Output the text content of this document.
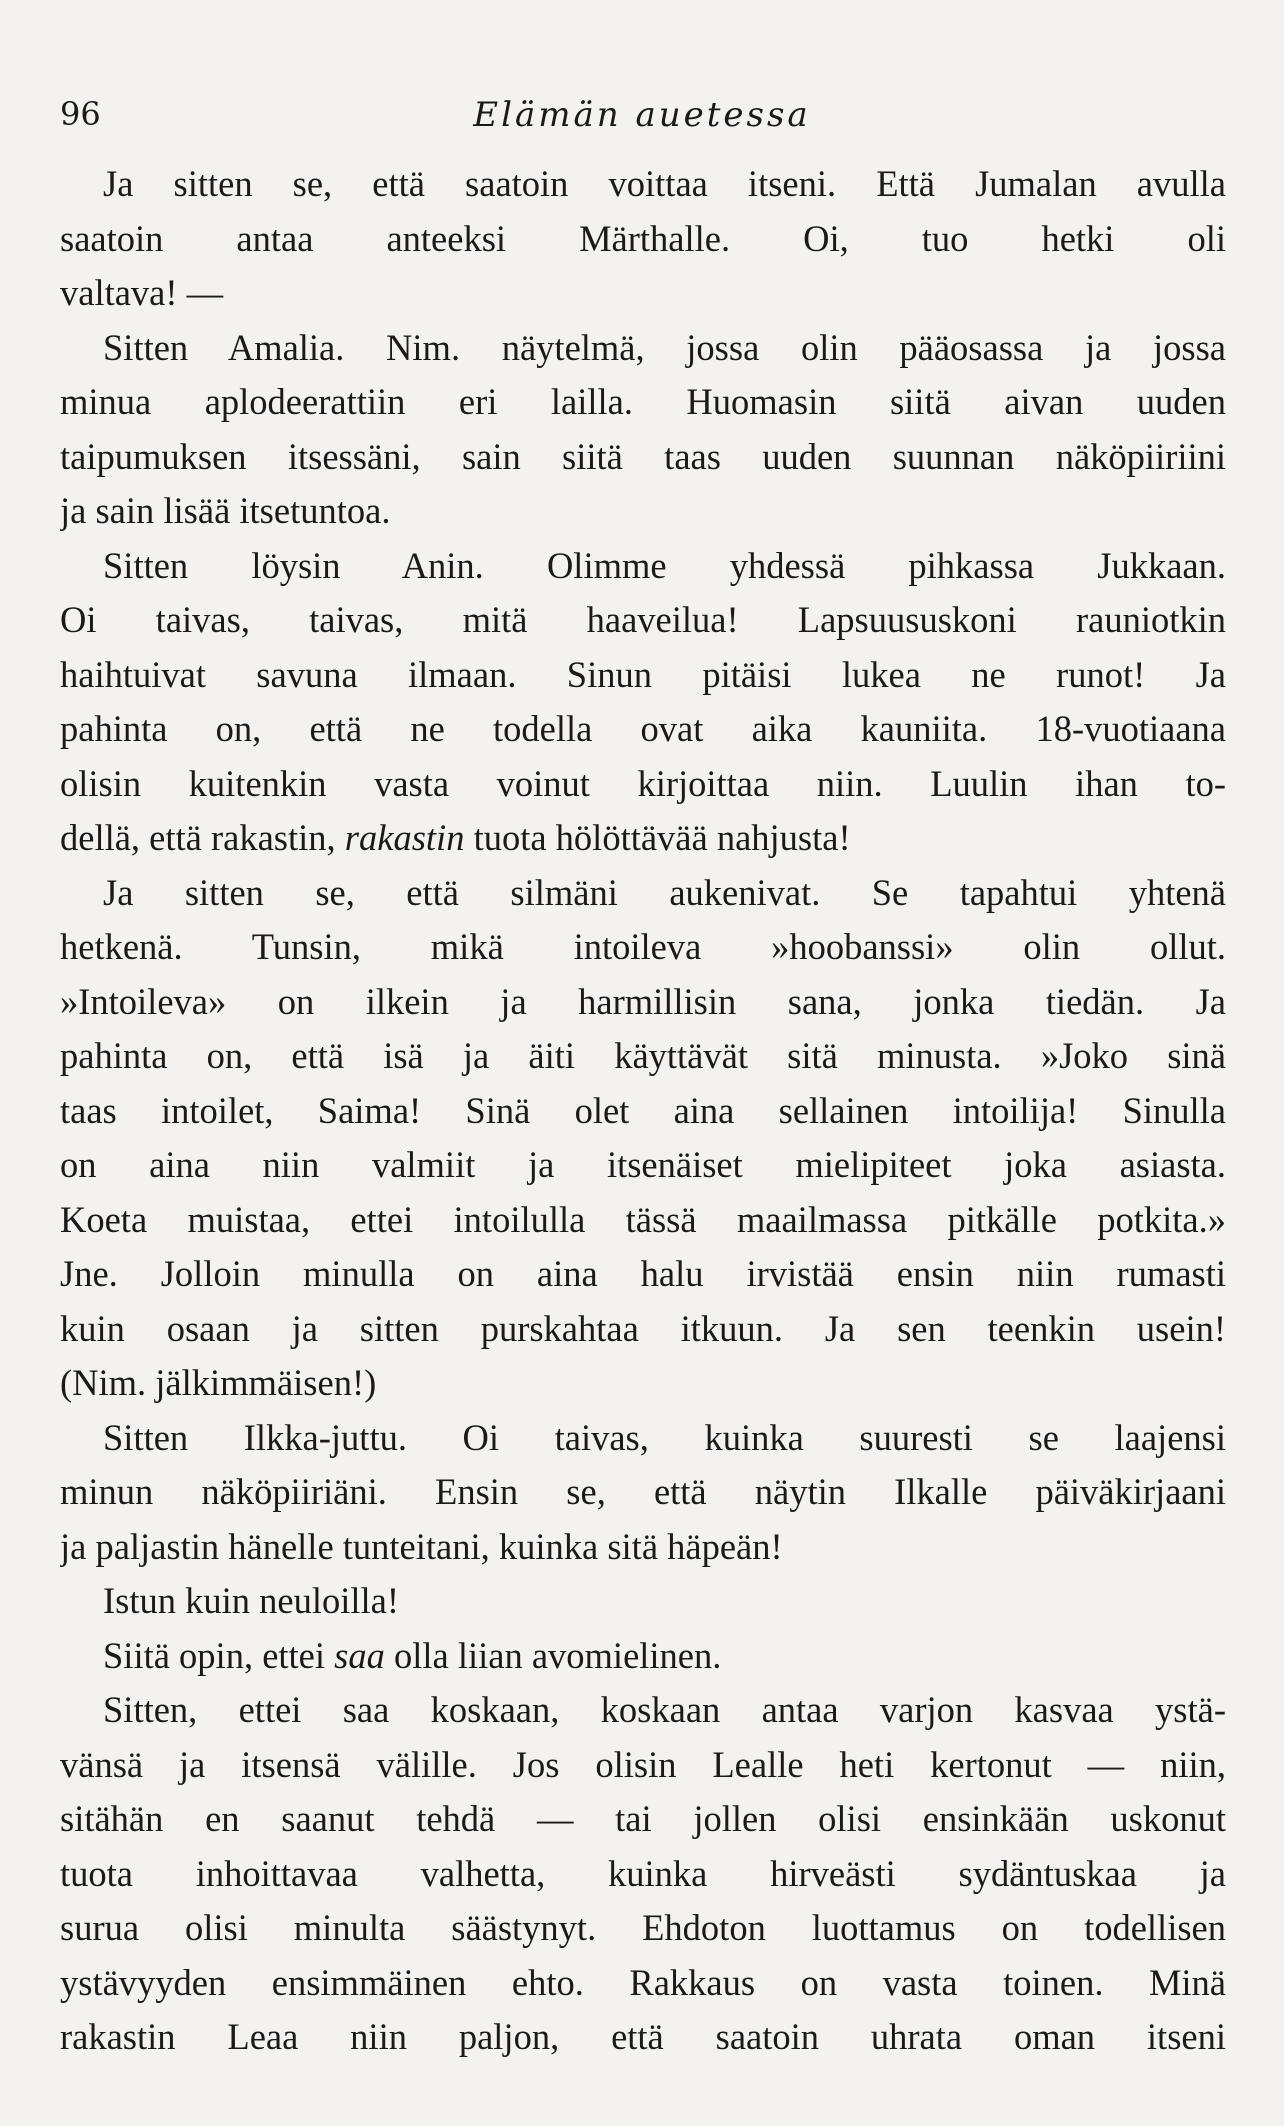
96	Elämän auetessa
Ja sitten se, että saatoin voittaa itseni. Että Jumalan avulla
saatoin antaa anteeksi Märthalle. Oi, tuo hetki oli
valtava! —
Sitten Amalia. Nim. näytelmä, jossa olin pääosassa ja jossa
minua aplodeerattiin eri lailla. Huomasin siitä aivan uuden
taipumuksen itsessäni, sain siitä taas uuden suunnan näköpiiriini
ja sain lisää itsetuntoa.
Sitten löysin Anin. Olimme yhdessä pihkassa Jukkaan.
Oi taivas, taivas, mitä haaveilua! Lapsuususkoni rauniotkin
haihtuivat savuna ilmaan. Sinun pitäisi lukea ne runot! Ja
pahinta on, että ne todella ovat aika kauniita. 18-vuotiaana
olisin kuitenkin vasta voinut kirjoittaa niin. Luulin ihan to-
dellä, että rakastin, rakastin tuota hölöttävää nahjusta!
Ja sitten se, että silmäni aukenivat. Se tapahtui yhtenä
hetkenä. Tunsin, mikä intoileva »hoobanssi» olin ollut.
»Intoileva» on ilkein ja harmillisin sana, jonka tiedän. Ja
pahinta on, että isä ja äiti käyttävät sitä minusta. »Joko sinä
taas intoilet, Saima! Sinä olet aina sellainen intoilija! Sinulla
on aina niin valmiit ja itsenäiset mielipiteet joka asiasta.
Koeta muistaa, ettei intoilulla tässä maailmassa pitkälle potkita.»
Jne. Jolloin minulla on aina halu irvistää ensin niin rumasti
kuin osaan ja sitten purskahtaa itkuun. Ja sen teenkin usein!
(Nim. jälkimmäisen!)
Sitten Ilkka-juttu. Oi taivas, kuinka suuresti se laajensi
minun näköpiiriäni. Ensin se, että näytin Ilkalle päiväkirjaani
ja paljastin hänelle tunteitani, kuinka sitä häpeän!
Istun kuin neuloilla!
Siitä opin, ettei saa olla liian avomielinen.
Sitten, ettei saa koskaan, koskaan antaa varjon kasvaa ystä-
vänsä ja itsensä välille. Jos olisin Lealle heti kertonut — niin,
sitähän en saanut tehdä — tai jollen olisi ensinkään uskonut
tuota inhoittavaa valhetta, kuinka hirveästi sydäntuskaa ja
surua olisi minulta säästynyt. Ehdoton luottamus on todellisen
ystävyyden ensimmäinen ehto. Rakkaus on vasta toinen. Minä
rakastin Leaa niin paljon, että saatoin uhrata oman itseni
